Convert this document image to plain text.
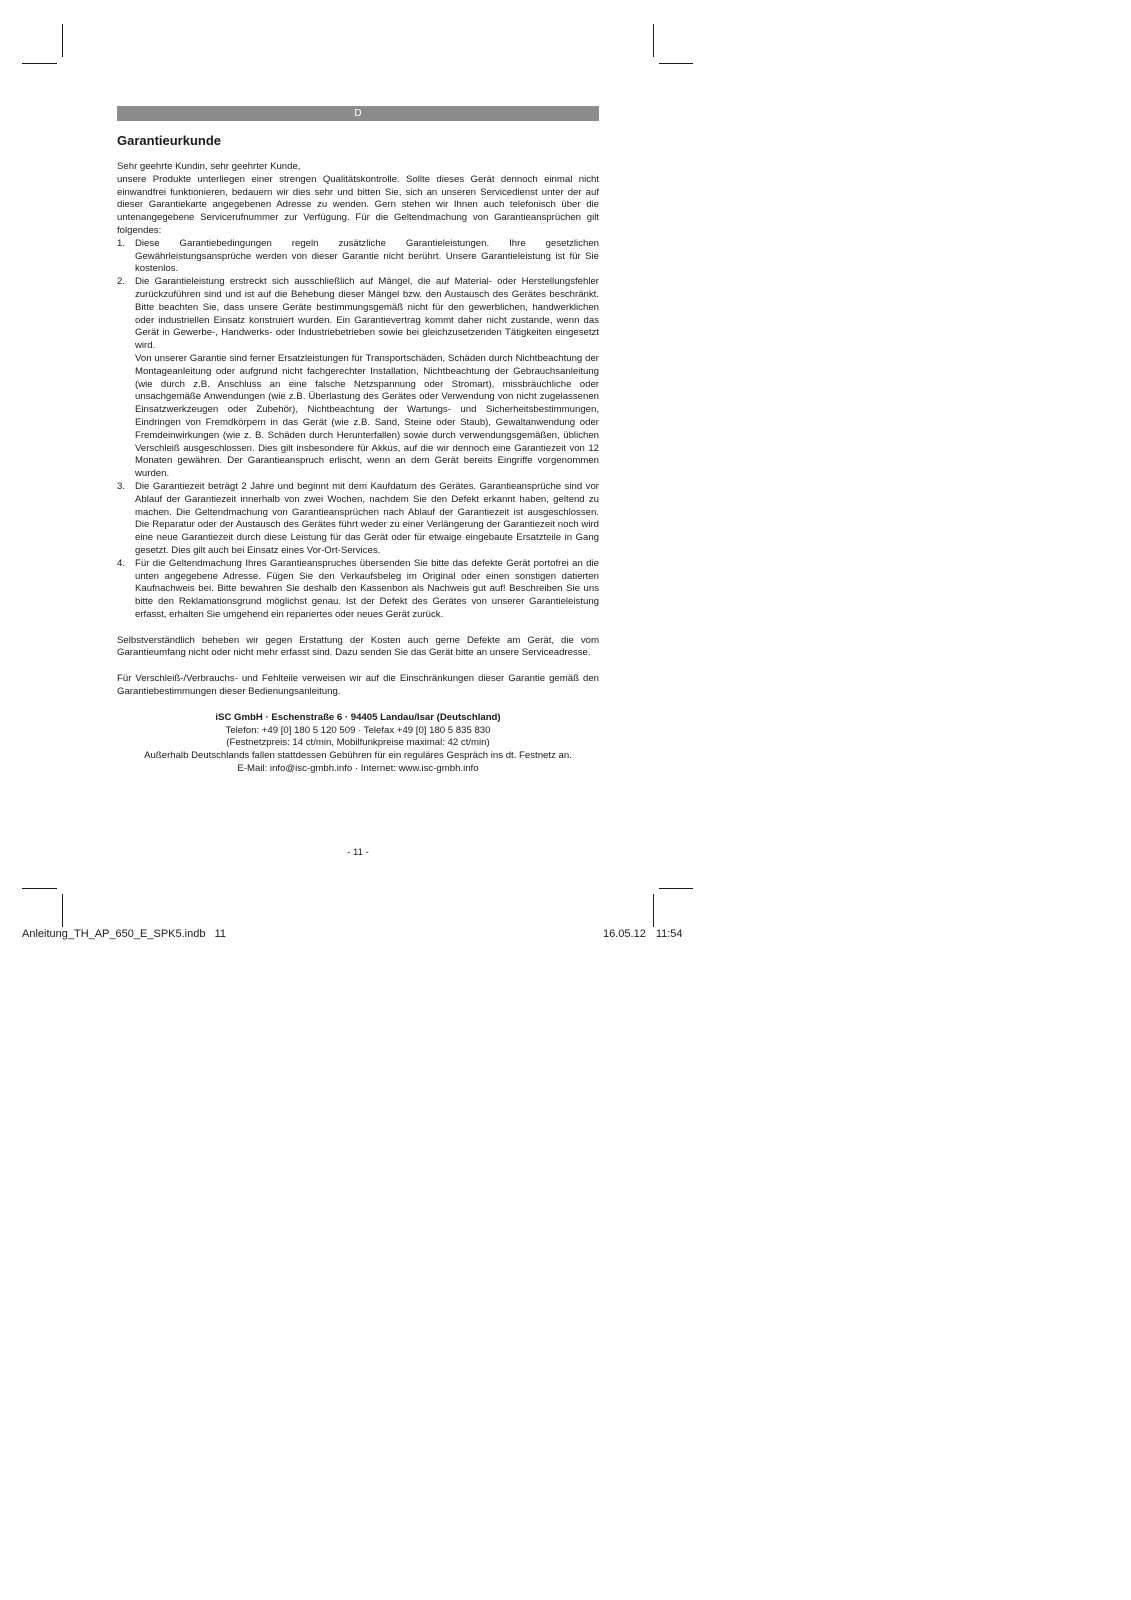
D
Garantieurkunde

Sehr geehrte Kundin, sehr geehrter Kunde,

unsere Produkte unterliegen einer strengen Qualitätskontrolle. Sollte dieses Gerät dennoch einmal nicht einwandfrei funktionieren, bedauern wir dies sehr und bitten Sie, sich an unseren Servicedienst unter der auf dieser Garantiekarte angegebenen Adresse zu wenden. Gern stehen wir Ihnen auch telefonisch über die untenangegebene Servicerufnummer zur Verfügung. Für die Geltendmachung von Garantieansprüchen gilt folgendes:

1. Diese Garantiebedingungen regeln zusätzliche Garantieleistungen. Ihre gesetzlichen Gewährleistungsansprüche werden von dieser Garantie nicht berührt. Unsere Garantieleistung ist für Sie kostenlos.

2. Die Garantieleistung erstreckt sich ausschließlich auf Mängel, die auf Material- oder Herstellungsfehler zurückzuführen sind und ist auf die Behebung dieser Mängel bzw. den Austausch des Gerätes beschränkt. Bitte beachten Sie, dass unsere Geräte bestimmungsgemäß nicht für den gewerblichen, handwerklichen oder industriellen Einsatz konstruiert wurden. Ein Garantievertrag kommt daher nicht zustande, wenn das Gerät in Gewerbe-, Handwerks- oder Industriebetrieben sowie bei gleichzusetzenden Tätigkeiten eingesetzt wird.

Von unserer Garantie sind ferner Ersatzleistungen für Transportschäden, Schäden durch Nichtbeachtung der Montageanleitung oder aufgrund nicht fachgerechter Installation, Nichtbeachtung der Gebrauchsanleitung (wie durch z.B. Anschluss an eine falsche Netzspannung oder Stromart), missbräuchliche oder unsachgemäße Anwendungen (wie z.B. Überlastung des Gerätes oder Verwendung von nicht zugelassenen Einsatzwerkzeugen oder Zubehör), Nichtbeachtung der Wartungs- und Sicherheitsbestimmungen, Eindringen von Fremdkörpern in das Gerät (wie z.B. Sand, Steine oder Staub), Gewaltanwendung oder Fremdeinwirkungen (wie z. B. Schäden durch Herunterfallen) sowie durch verwendungsgemäßen, üblichen Verschleiß ausgeschlossen. Dies gilt insbesondere für Akkus, auf die wir dennoch eine Garantiezeit von 12 Monaten gewähren. Der Garantieanspruch erlischt, wenn an dem Gerät bereits Eingriffe vorgenommen wurden.

3. Die Garantiezeit beträgt 2 Jahre und beginnt mit dem Kaufdatum des Gerätes. Garantieansprüche sind vor Ablauf der Garantiezeit innerhalb von zwei Wochen, nachdem Sie den Defekt erkannt haben, geltend zu machen. Die Geltendmachung von Garantieansprüchen nach Ablauf der Garantiezeit ist ausgeschlossen. Die Reparatur oder der Austausch des Gerätes führt weder zu einer Verlängerung der Garantiezeit noch wird eine neue Garantiezeit durch diese Leistung für das Gerät oder für etwaige eingebaute Ersatzteile in Gang gesetzt. Dies gilt auch bei Einsatz eines Vor-Ort-Services.

4. Für die Geltendmachung Ihres Garantieanspruches übersenden Sie bitte das defekte Gerät portofrei an die unten angegebene Adresse. Fügen Sie den Verkaufsbeleg im Original oder einen sonstigen datierten Kaufnachweis bei. Bitte bewahren Sie deshalb den Kassenbon als Nachweis gut auf! Beschreiben Sie uns bitte den Reklamationsgrund möglichst genau. Ist der Defekt des Gerätes von unserer Garantieleistung erfasst, erhalten Sie umgehend ein repariertes oder neues Gerät zurück.

Selbstverständlich beheben wir gegen Erstattung der Kosten auch gerne Defekte am Gerät, die vom Garantieumfang nicht oder nicht mehr erfasst sind. Dazu senden Sie das Gerät bitte an unsere Serviceadresse.

Für Verschleiß-/Verbrauchs- und Fehlteile verweisen wir auf die Einschränkungen dieser Garantie gemäß den Garantiebestimmungen dieser Bedienungsanleitung.

iSC GmbH · Eschenstraße 6 · 94405 Landau/Isar (Deutschland)

Telefon: +49 [0] 180 5 120 509 · Telefax +49 [0] 180 5 835 830

(Festnetzpreis: 14 ct/min, Mobilfunkpreise maximal: 42 ct/min)

Außerhalb Deutschlands fallen stattdessen Gebühren für ein reguläres Gespräch ins dt. Festnetz an.

E-Mail: info@isc-gmbh.info · Internet: www.isc-gmbh.info

- 11 -
Anleitung_TH_AP_650_E_SPK5.indb   11	16.05.12 11:54
